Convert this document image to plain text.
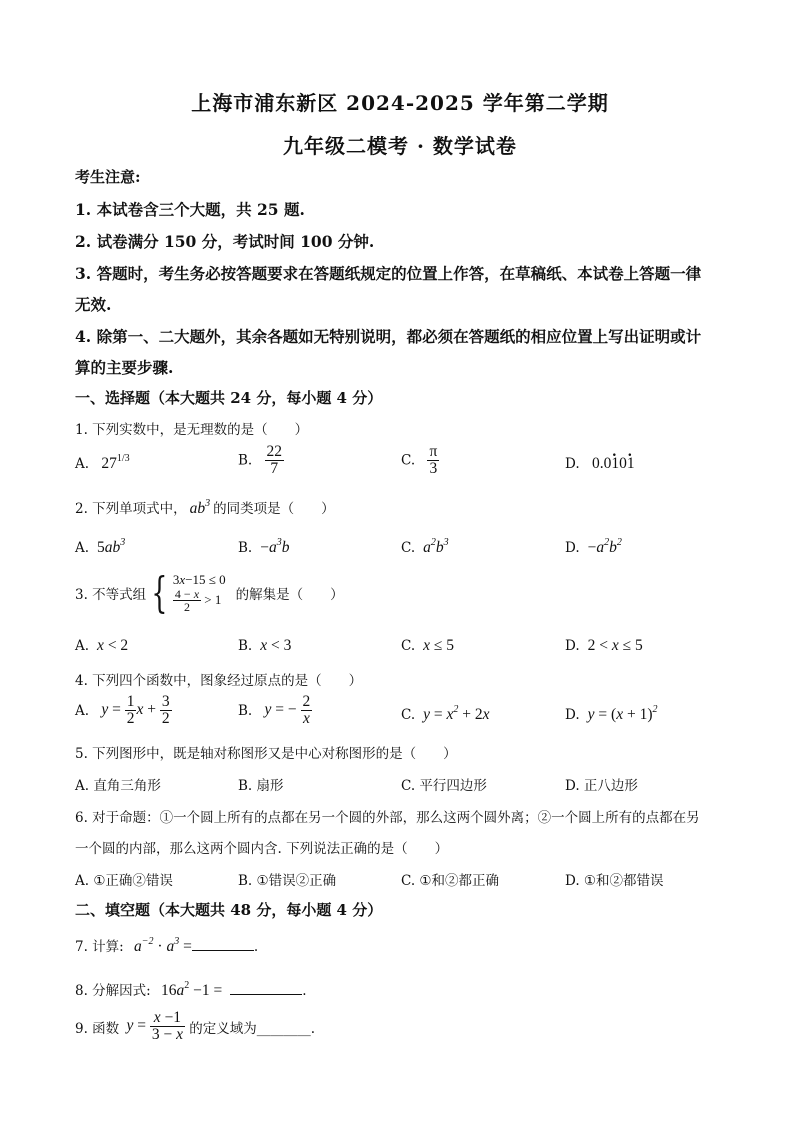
上海市浦东新区 2024-2025 学年第二学期
九年级二模考 · 数学试卷
考生注意:
1. 本试卷含三个大题，共 25 题.
2. 试卷满分 150 分，考试时间 100 分钟.
3. 答题时，考生务必按答题要求在答题纸规定的位置上作答，在草稿纸、本试卷上答题一律
无效.
4. 除第一、二大题外，其余各题如无特别说明，都必须在答题纸的相应位置上写出证明或计
算的主要步骤.
一、选择题（本大题共 24 分，每小题 4 分）
1. 下列实数中，是无理数的是（　　）
A. $27^{1/3}$	B. $\frac{22}{7}$	C. $\frac{\pi}{3}$	D. 0.0. 10. 1
2. 下列单项式中， $ab^3$ 的同类项是（　　）
A. $5ab^3$	B. $-a^3b$	C. $a^2b^3$	D. $-a^2b^2$
3. 不等式组 { 3x−15 ≤ 0
$\frac{4 - x}{2} > 1$	的解集是（　　）
A. x < 2	B. x < 3	C. x ≤ 5	D. 2 < x ≤ 5
4. 下列四个函数中，图象经过原点的是（　　）
A. $y = \frac{1}{2}$ $x + \frac{3}{2}$	B. y = − $\frac{2}{x}$	C. $y = x^2 + 2x$	D. $y = (x + 1)^2$
5. 下列图形中，既是轴对称图形又是中心对称图形的是（　　）
A. 直角三角形	B. 扇形	C. 平行四边形	D. 正八边形
6. 对于命题：①一个圆上所有的点都在另一个圆的外部，那么这两个圆外离；②一个圆上所有的点都在另
一个圆的内部，那么这两个圆内含. 下列说法正确的是（　　）
A. ①正确②错误	B. ①错误②正确	C. ①和②都正确	D. ①和②都错误
二、填空题（本大题共 48 分，每小题 4 分）
7. 计算: $a^{-2} \cdot a^3$ =	.
8. 分解因式: $16a^2 -1$ =	.
9. 函数 $y = \frac{x -1}{3 - x}$ 的定义域为________.
